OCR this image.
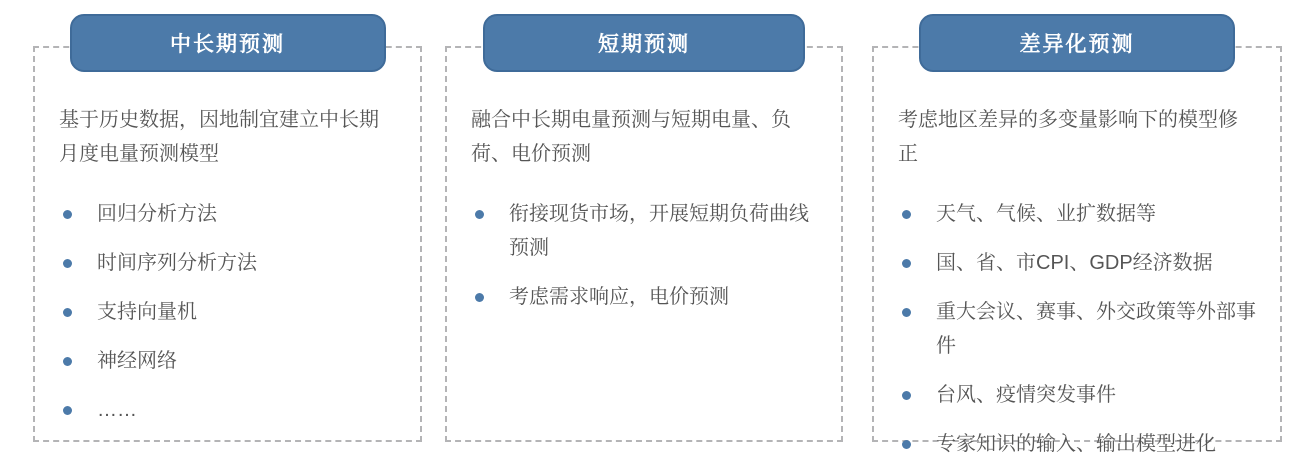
中长期预测

基于历史数据，因地制宜建立中长期月度电量预测模型

回归分析方法
时间序列分析方法
支持向量机
神经网络
……
短期预测

融合中长期电量预测与短期电量、负荷、电价预测

衔接现货市场，开展短期负荷曲线预测
考虑需求响应，电价预测
差异化预测

考虑地区差异的多变量影响下的模型修正

天气、气候、业扩数据等
国、省、市CPI、GDP经济数据
重大会议、赛事、外交政策等外部事件
台风、疫情突发事件
专家知识的输入、输出模型进化
